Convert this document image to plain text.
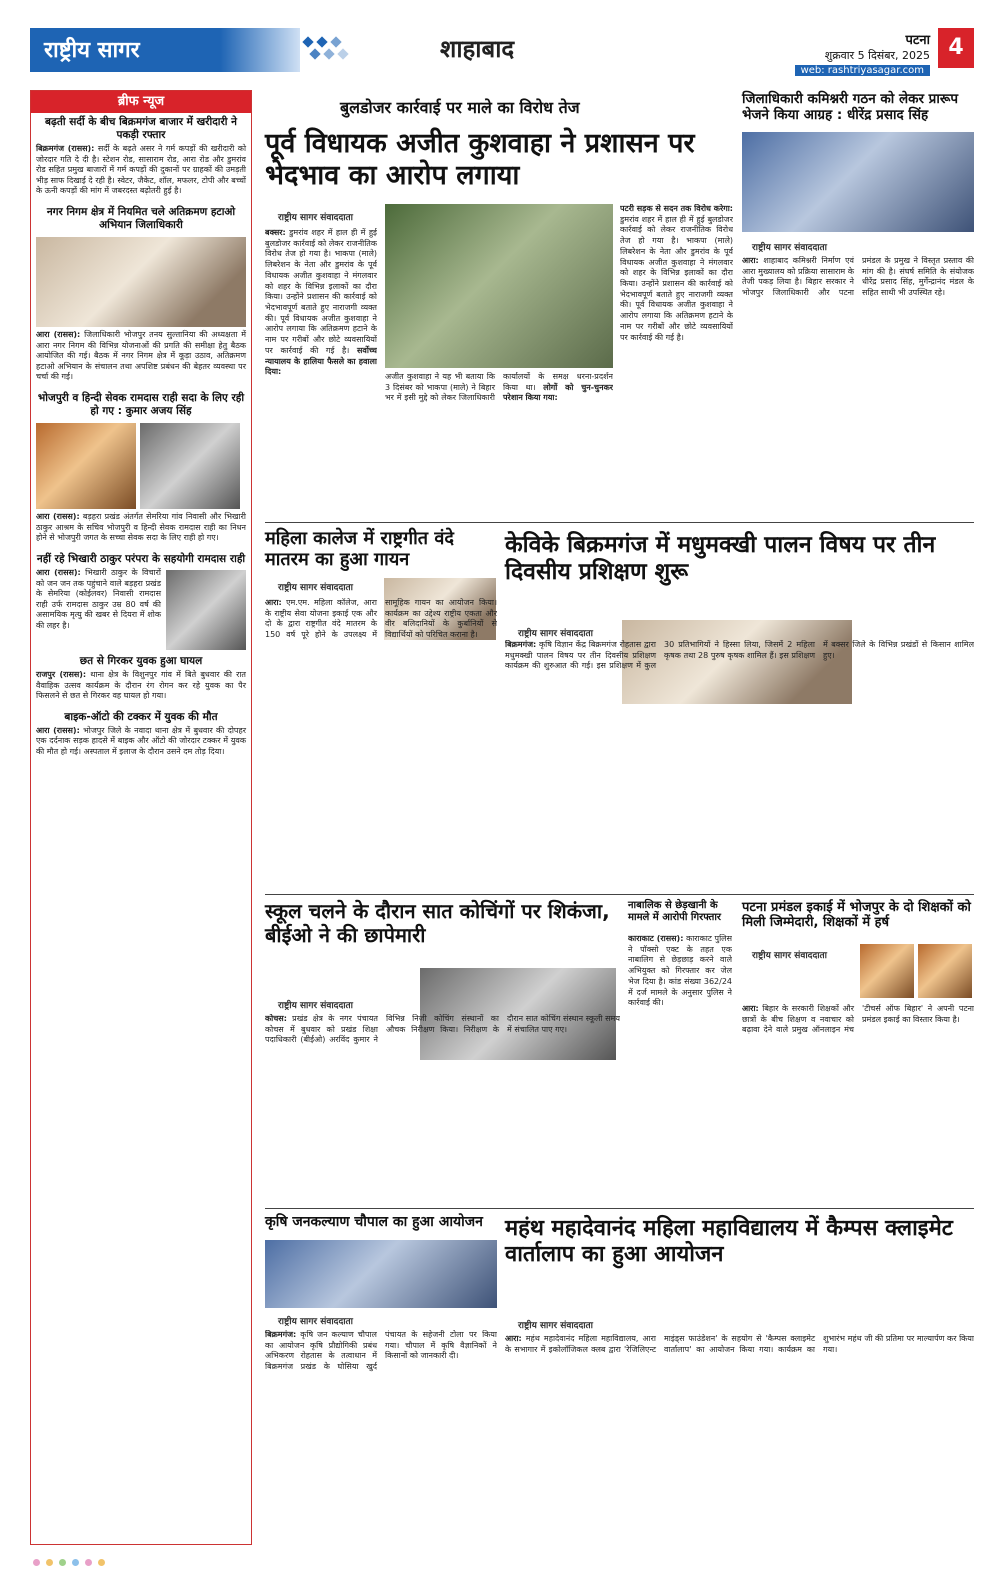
राष्ट्रीय सागर	शाहाबाद	पटना
शुक्रवार 5 दिसंबर, 2025
web: rashtriyasagar.com
4
ब्रीफ न्यूज
बढ़ती सर्दी के बीच बिक्रमगंज बाजार में खरीदारी ने पकड़ी रफ्तार
बिक्रमगंज (रासस): सर्दी के बढ़ते असर ने गर्म कपड़ों की खरीदारी को जोरदार गति दे दी है। स्टेशन रोड, सासाराम रोड, आरा रोड और डुमरांव रोड सहित प्रमुख बाजारों में गर्म कपड़ों की दुकानों पर ग्राहकों की उमड़ती भीड़ साफ दिखाई दे रही है। स्वेटर, जैकेट, शॉल, मफलर, टोपी और बच्चों के ऊनी कपड़ों की मांग में जबरदस्त बढ़ोतरी हुई है।
नगर निगम क्षेत्र में नियमित चले अतिक्रमण हटाओ अभियान जिलाधिकारी
आरा (रासस): जिलाधिकारी भोजपुर तनय सुल्तानिया की अध्यक्षता में आरा नगर निगम की विभिन्न योजनाओं की प्रगति की समीक्षा हेतु बैठक आयोजित की गई। बैठक में नगर निगम क्षेत्र में कूड़ा उठाव, अतिक्रमण हटाओ अभियान के संचालन तथा अपशिष्ट प्रबंधन की बेहतर व्यवस्था पर चर्चा की गई।
भोजपुरी व हिन्दी सेवक रामदास राही सदा के लिए रही हो गए : कुमार अजय सिंह
आरा (रासस): बड़हरा प्रखंड अंतर्गत सेमरिया गांव निवासी और भिखारी ठाकुर आश्रम के सचिव भोजपुरी व हिन्दी सेवक रामदास राही का निधन होने से भोजपुरी जगत के सच्चा सेवक सदा के लिए राही हो गए।
नहीं रहे भिखारी ठाकुर परंपरा के सहयोगी रामदास राही
आरा (रासस): भिखारी ठाकुर के विचारों को जन जन तक पहुंचाने वाले बड़हरा प्रखंड के सेमरिया (कोईलवर) निवासी रामदास राही उर्फ रामदास ठाकुर उम्र 80 वर्ष की असामयिक मृत्यु की खबर से दियरा में शोक की लहर है।
छत से गिरकर युवक हुआ घायल
राजपुर (रासस): थाना क्षेत्र के विशुनपुर गांव में बिते बुधवार की रात वैवाहिक उत्सव कार्यक्रम के दौरान रंग रोगन कर रहे युवक का पैर फिसलने से छत से गिरकर वह घायल हो गया।
बाइक-ऑटो की टक्कर में युवक की मौत
आरा (रासस): भोजपुर जिले के नवादा थाना क्षेत्र में बुधवार की दोपहर एक दर्दनाक सड़क हादसे में बाइक और ऑटो की जोरदार टक्कर में युवक की मौत हो गई। अस्पताल में इलाज के दौरान उसने दम तोड़ दिया।
बुलडोजर कार्रवाई पर माले का विरोध तेज
पूर्व विधायक अजीत कुशवाहा ने प्रशासन पर भेदभाव का आरोप लगाया
राष्ट्रीय सागर संवाददाता
बक्सर: डुमरांव शहर में हाल ही में हुई बुलडोजर कार्रवाई को लेकर राजनीतिक विरोध तेज हो गया है। भाकपा (माले) लिबरेशन के नेता और डुमरांव के पूर्व विधायक अजीत कुशवाहा ने मंगलवार को शहर के विभिन्न इलाकों का दौरा किया। उन्होंने प्रशासन की कार्रवाई को भेदभावपूर्ण बताते हुए नाराजगी व्यक्त की। पूर्व विधायक अजीत कुशवाहा ने आरोप लगाया कि अतिक्रमण हटाने के नाम पर गरीबों और छोटे व्यवसायियों पर कार्रवाई की गई है। सर्वोच्च न्यायालय के हालिया फैसले का हवाला दिया:
अजीत कुशवाहा ने यह भी बताया कि 3 दिसंबर को भाकपा (माले) ने बिहार भर में इसी मुद्दे को लेकर जिलाधिकारी कार्यालयों के समक्ष धरना-प्रदर्शन किया था। लोगों को चुन-चुनकर परेशान किया गया:
पटरी सड़क से सदन तक विरोध करेगा: डुमरांव शहर में हाल ही में हुई बुलडोजर कार्रवाई को लेकर राजनीतिक विरोध तेज हो गया है। भाकपा (माले) लिबरेशन के नेता और डुमरांव के पूर्व विधायक अजीत कुशवाहा ने मंगलवार को शहर के विभिन्न इलाकों का दौरा किया। उन्होंने प्रशासन की कार्रवाई को भेदभावपूर्ण बताते हुए नाराजगी व्यक्त की। पूर्व विधायक अजीत कुशवाहा ने आरोप लगाया कि अतिक्रमण हटाने के नाम पर गरीबों और छोटे व्यवसायियों पर कार्रवाई की गई है।
जिलाधिकारी कमिश्नरी गठन को लेकर प्रारूप भेजने किया आग्रह : धीरेंद्र प्रसाद सिंह
राष्ट्रीय सागर संवाददाता
आरा: शाहाबाद कमिश्नरी निर्माण एवं आरा मुख्यालय को प्रक्रिया सासाराम के तेजी पकड़ लिया है। बिहार सरकार ने भोजपुर जिलाधिकारी और पटना प्रमंडल के प्रमुख ने विस्तृत प्रस्ताव की मांग की है। संघर्ष समिति के संयोजक धीरेंद्र प्रसाद सिंह, मुर्गेन्द्रानंद मंडल के सहित साथी भी उपस्थित रहे।
महिला कालेज में राष्ट्रगीत वंदे मातरम का हुआ गायन
राष्ट्रीय सागर संवाददाता
आरा: एम.एम. महिला कॉलेज, आरा के राष्ट्रीय सेवा योजना इकाई एक और दो के द्वारा राष्ट्रगीत वंदे मातरम के 150 वर्ष पूरे होने के उपलक्ष्य में सामूहिक गायन का आयोजन किया। कार्यक्रम का उद्देश्य राष्ट्रीय एकता और वीर बलिदानियों के कुर्बानियों से विद्यार्थियों को परिचित कराना है।
केविके बिक्रमगंज में मधुमक्खी पालन विषय पर तीन दिवसीय प्रशिक्षण शुरू
राष्ट्रीय सागर संवाददाता
बिक्रमगंज: कृषि विज्ञान केंद्र बिक्रमगंज रोहतास द्वारा मधुमक्खी पालन विषय पर तीन दिवसीय प्रशिक्षण कार्यक्रम की शुरुआत की गई। इस प्रशिक्षण में कुल 30 प्रतिभागियों ने हिस्सा लिया, जिसमें 2 महिला कृषक तथा 28 पुरुष कृषक शामिल हैं। इस प्रशिक्षण में बक्सर जिले के विभिन्न प्रखंडों से किसान शामिल हुए।
स्कूल चलने के दौरान सात कोचिंगों पर शिकंजा, बीईओ ने की छापेमारी
राष्ट्रीय सागर संवाददाता
कोचस: प्रखंड क्षेत्र के नगर पंचायत कोचस में बुधवार को प्रखंड शिक्षा पदाधिकारी (बीईओ) अरविंद कुमार ने विभिन्न निजी कोचिंग संस्थानों का औचक निरीक्षण किया। निरीक्षण के दौरान सात कोचिंग संस्थान स्कूली समय में संचालित पाए गए।
नाबालिक से छेड़खानी के मामले में आरोपी गिरफ्तार
काराकाट (रासस): काराकाट पुलिस ने पॉक्सो एक्ट के तहत एक नाबालिग से छेड़छाड़ करने वाले अभियुक्त को गिरफ्तार कर जेल भेज दिया है। कांड संख्या 362/24 में दर्ज मामले के अनुसार पुलिस ने कार्रवाई की।
पटना प्रमंडल इकाई में भोजपुर के दो शिक्षकों को मिली जिम्मेदारी, शिक्षकों में हर्ष
राष्ट्रीय सागर संवाददाता
आरा: बिहार के सरकारी शिक्षकों और छात्रों के बीच शिक्षण व नवाचार को बढ़ावा देने वाले प्रमुख ऑनलाइन मंच 'टीचर्स ऑफ बिहार' ने अपनी पटना प्रमंडल इकाई का विस्तार किया है।
कृषि जनकल्याण चौपाल का हुआ आयोजन
राष्ट्रीय सागर संवाददाता
बिक्रमगंज: कृषि जन कल्याण चौपाल का आयोजन कृषि प्रौद्योगिकी प्रबंध अभिकरण रोहतास के तत्वाधान में बिक्रमगंज प्रखंड के घोसिया खुर्द पंचायत के सहेजनी टोला पर किया गया। चौपाल में कृषि वैज्ञानिकों ने किसानों को जानकारी दी।
महंथ महादेवानंद महिला महाविद्यालय में कैम्पस क्लाइमेट वार्तालाप का हुआ आयोजन
राष्ट्रीय सागर संवाददाता
आरा: महंथ महादेवानंद महिला महाविद्यालय, आरा के सभागार में इकोलॉजिकल क्लब द्वारा 'रेजिलिएन्ट माइंड्स फाउंडेशन' के सहयोग से 'कैम्पस क्लाइमेट वार्तालाप' का आयोजन किया गया। कार्यक्रम का शुभारंभ महंथ जी की प्रतिमा पर माल्यार्पण कर किया गया।
